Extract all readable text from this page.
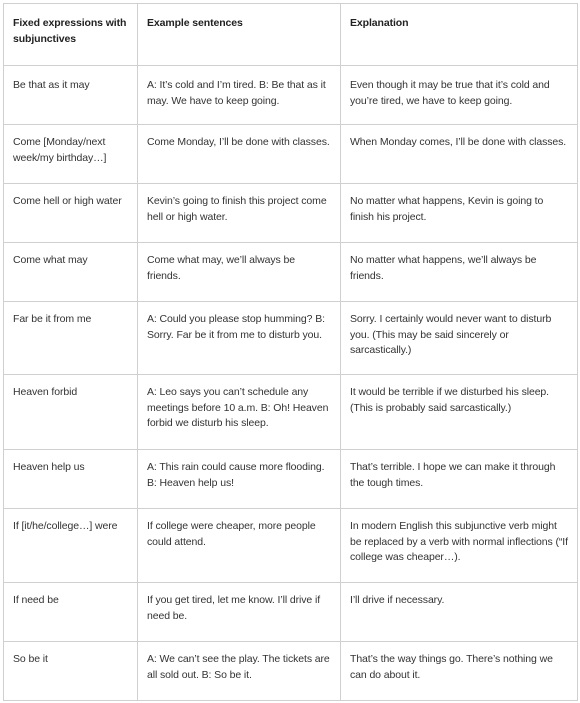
Fixed expressions with subjunctives	Example sentences	Explanation
Be that as it may	A: It’s cold and I’m tired. B: Be that as it may. We have to keep going.	Even though it may be true that it’s cold and you’re tired, we have to keep going.
Come [Monday/next week/my birthday…]	Come Monday, I’ll be done with classes.	When Monday comes, I’ll be done with classes.
Come hell or high water	Kevin’s going to finish this project come hell or high water.	No matter what happens, Kevin is going to finish his project.
Come what may	Come what may, we’ll always be friends.	No matter what happens, we’ll always be friends.
Far be it from me	A: Could you please stop humming? B: Sorry. Far be it from me to disturb you.	Sorry. I certainly would never want to disturb you. (This may be said sincerely or sarcastically.)
Heaven forbid	A: Leo says you can’t schedule any meetings before 10 a.m. B: Oh! Heaven forbid we disturb his sleep.	It would be terrible if we disturbed his sleep. (This is probably said sarcastically.)
Heaven help us	A: This rain could cause more flooding. B: Heaven help us!	That’s terrible. I hope we can make it through the tough times.
If [it/he/college…] were	If college were cheaper, more people could attend.	In modern English this subjunctive verb might be replaced by a verb with normal inflections (“If college was cheaper…).
If need be	If you get tired, let me know. I’ll drive if need be.	I’ll drive if necessary.
So be it	A: We can’t see the play. The tickets are all sold out. B: So be it.	That’s the way things go. There’s nothing we can do about it.
